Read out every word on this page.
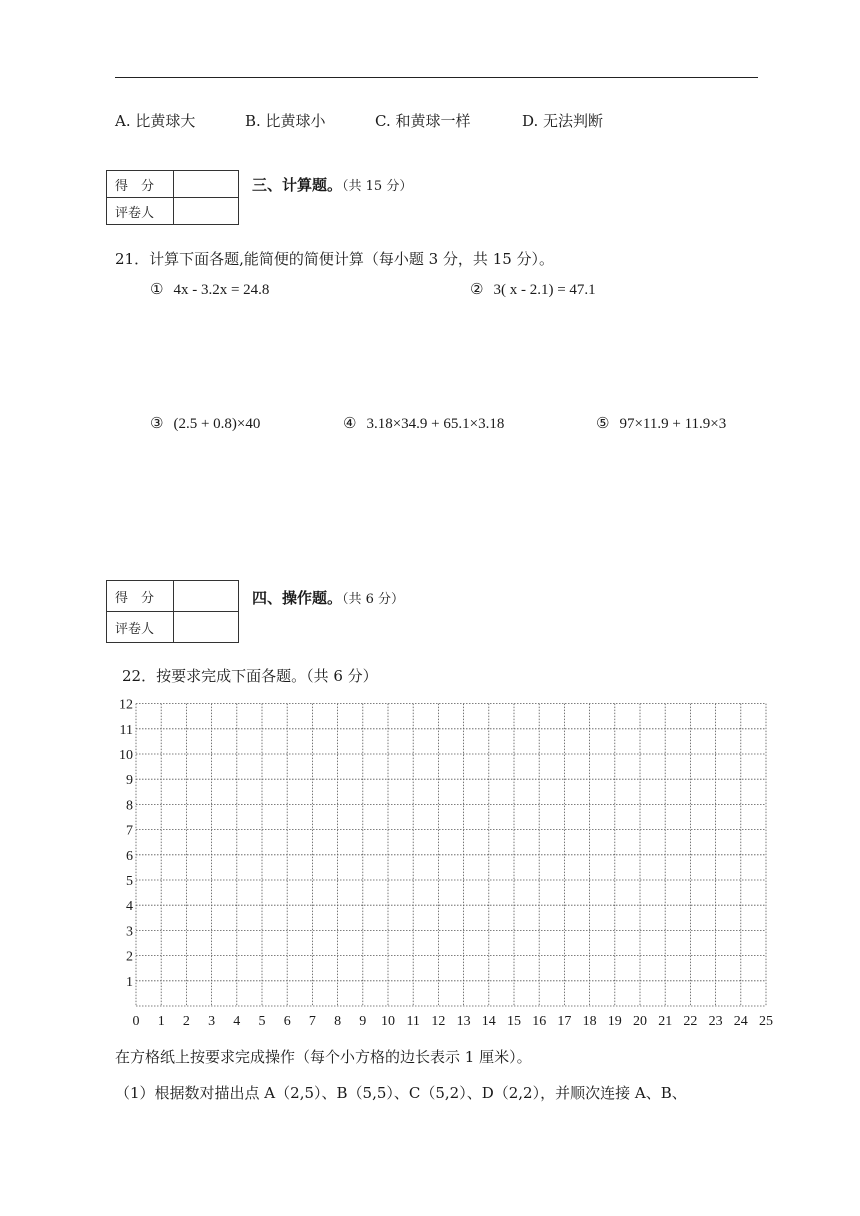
A. 比黄球大	B. 比黄球小	C. 和黄球一样	D. 无法判断
得　分	
评卷人	
三、计算题。（共 15 分）
21．计算下面各题,能简便的简便计算（每小题 3 分，共 15 分）。
① 4x - 3.2x = 24.8	② 3( x - 2.1) = 47.1
③ (2.5 + 0.8)×40	④ 3.18×34.9 + 65.1×3.18	⑤ 97×11.9 + 11.9×3
得　分	
评卷人	
四、操作题。（共 6 分）
22．按要求完成下面各题。（共 6 分）
0 1 2 3 4 5 6 7 8 9 10 11 12 13 14 15 16 17 18 19 20 21 22 23 24 25
1
2
3
4
5
6
7
8
9
10
11
12
在方格纸上按要求完成操作（每个小方格的边长表示 1 厘米）。
（1）根据数对描出点 A（2,5）、B（5,5）、C（5,2）、D（2,2），并顺次连接 A、B、
